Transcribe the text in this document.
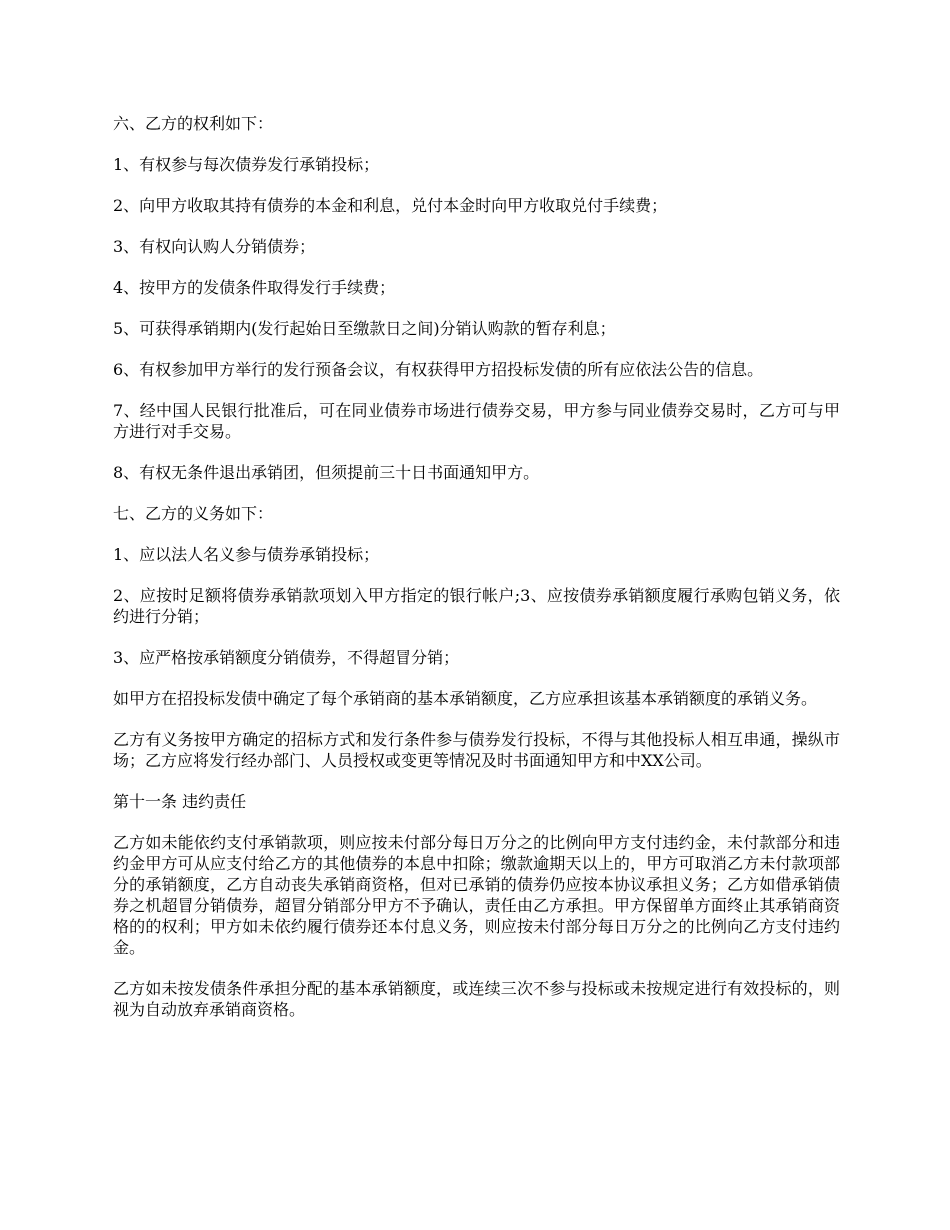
六、乙方的权利如下：

1、有权参与每次债券发行承销投标；

2、向甲方收取其持有债券的本金和利息，兑付本金时向甲方收取兑付手续费；

3、有权向认购人分销债券；

4、按甲方的发债条件取得发行手续费；

5、可获得承销期内(发行起始日至缴款日之间)分销认购款的暂存利息；

6、有权参加甲方举行的发行预备会议，有权获得甲方招投标发债的所有应依法公告的信息。

7、经中国人民银行批准后，可在同业债券市场进行债券交易，甲方参与同业债券交易时，乙方可与甲方进行对手交易。

8、有权无条件退出承销团，但须提前三十日书面通知甲方。

七、乙方的义务如下：

1、应以法人名义参与债券承销投标；

2、应按时足额将债券承销款项划入甲方指定的银行帐户;3、应按债券承销额度履行承购包销义务，依约进行分销；

3、应严格按承销额度分销债券，不得超冒分销；

如甲方在招投标发债中确定了每个承销商的基本承销额度，乙方应承担该基本承销额度的承销义务。

乙方有义务按甲方确定的招标方式和发行条件参与债券发行投标，不得与其他投标人相互串通，操纵市场；乙方应将发行经办部门、人员授权或变更等情况及时书面通知甲方和中XX公司。

第十一条 违约责任

乙方如未能依约支付承销款项，则应按未付部分每日万分之的比例向甲方支付违约金，未付款部分和违约金甲方可从应支付给乙方的其他债券的本息中扣除；缴款逾期天以上的，甲方可取消乙方未付款项部分的承销额度，乙方自动丧失承销商资格，但对已承销的债券仍应按本协议承担义务；乙方如借承销债券之机超冒分销债券，超冒分销部分甲方不予确认，责任由乙方承担。甲方保留单方面终止其承销商资格的的权利；甲方如未依约履行债券还本付息义务，则应按未付部分每日万分之的比例向乙方支付违约金。

乙方如未按发债条件承担分配的基本承销额度，或连续三次不参与投标或未按规定进行有效投标的，则视为自动放弃承销商资格。
